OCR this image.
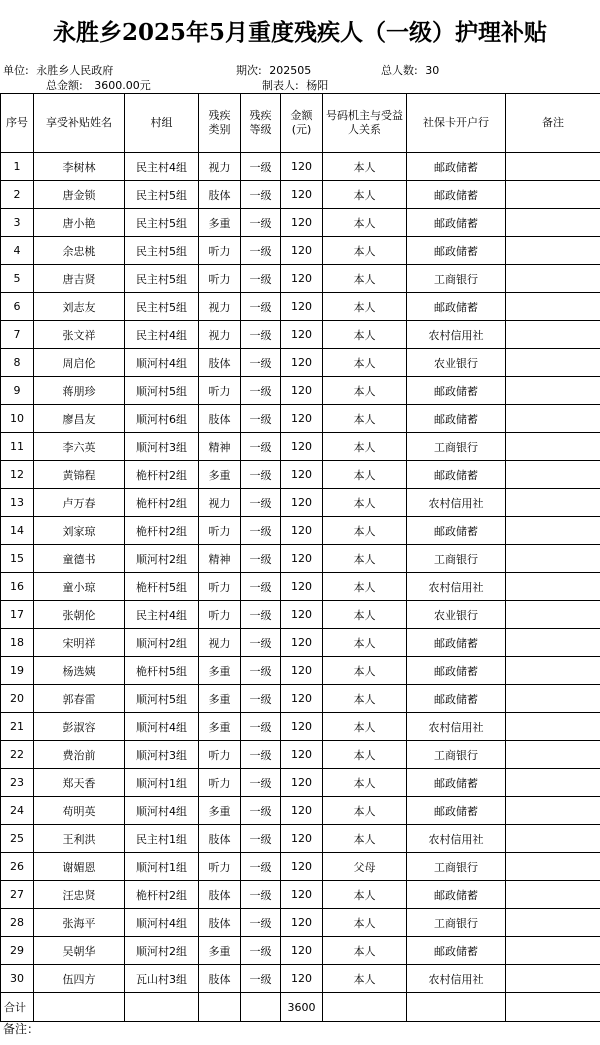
永胜乡2025年5月重度残疾人（一级）护理补贴
单位: 永胜乡人民政府	期次: 202505	总人数: 30
总金额: 3600.00元	制表人: 杨阳
序号	享受补贴姓名	村组	残疾类别	残疾等级	金额(元)	号码机主与受益人关系	社保卡开户行	备注
1	李树林	民主村4组	视力	一级	120	本人	邮政储蓄	
2	唐金锁	民主村5组	肢体	一级	120	本人	邮政储蓄	
3	唐小艳	民主村5组	多重	一级	120	本人	邮政储蓄	
4	余忠桃	民主村5组	听力	一级	120	本人	邮政储蓄	
5	唐吉贤	民主村5组	听力	一级	120	本人	工商银行	
6	刘志友	民主村5组	视力	一级	120	本人	邮政储蓄	
7	张文祥	民主村4组	视力	一级	120	本人	农村信用社	
8	周启伦	顺河村4组	肢体	一级	120	本人	农业银行	
9	蒋朋珍	顺河村5组	听力	一级	120	本人	邮政储蓄	
10	廖昌友	顺河村6组	肢体	一级	120	本人	邮政储蓄	
11	李六英	顺河村3组	精神	一级	120	本人	工商银行	
12	黄锦程	桅杆村2组	多重	一级	120	本人	邮政储蓄	
13	卢万春	桅杆村2组	视力	一级	120	本人	农村信用社	
14	刘家琼	桅杆村2组	听力	一级	120	本人	邮政储蓄	
15	童德书	顺河村2组	精神	一级	120	本人	工商银行	
16	童小琼	桅杆村5组	听力	一级	120	本人	农村信用社	
17	张朝伦	民主村4组	听力	一级	120	本人	农业银行	
18	宋明祥	顺河村2组	视力	一级	120	本人	邮政储蓄	
19	杨选姨	桅杆村5组	多重	一级	120	本人	邮政储蓄	
20	郭春雷	顺河村5组	多重	一级	120	本人	邮政储蓄	
21	彭淑容	顺河村4组	多重	一级	120	本人	农村信用社	
22	费治前	顺河村3组	听力	一级	120	本人	工商银行	
23	郑天香	顺河村1组	听力	一级	120	本人	邮政储蓄	
24	苟明英	顺河村4组	多重	一级	120	本人	邮政储蓄	
25	王利洪	民主村1组	肢体	一级	120	本人	农村信用社	
26	谢媚恩	顺河村1组	听力	一级	120	父母	工商银行	
27	汪忠贤	桅杆村2组	肢体	一级	120	本人	邮政储蓄	
28	张海平	顺河村4组	肢体	一级	120	本人	工商银行	
29	吴朝华	顺河村2组	多重	一级	120	本人	邮政储蓄	
30	伍四方	瓦山村3组	肢体	一级	120	本人	农村信用社	
合计					3600			
备注：
